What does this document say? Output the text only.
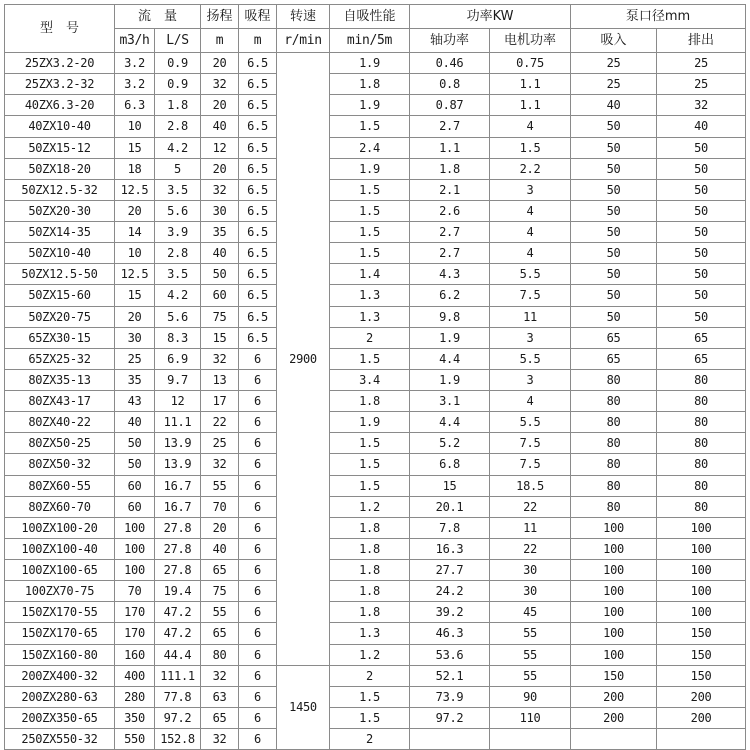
型　号	流　量		扬程	吸程	转速	自吸性能	功率KW		泵口径mm	
	m3/h	L/S	m	m	r/min	min/5m	轴功率	电机功率	吸入	排出
25ZX3.2-20	3.2	0.9	20	6.5	2900	1.9	0.46	0.75	25	25
25ZX3.2-32	3.2	0.9	32	6.5		1.8	0.8	1.1	25	25
40ZX6.3-20	6.3	1.8	20	6.5		1.9	0.87	1.1	40	32
40ZX10-40	10	2.8	40	6.5		1.5	2.7	4	50	40
50ZX15-12	15	4.2	12	6.5		2.4	1.1	1.5	50	50
50ZX18-20	18	5	20	6.5		1.9	1.8	2.2	50	50
50ZX12.5-32	12.5	3.5	32	6.5		1.5	2.1	3	50	50
50ZX20-30	20	5.6	30	6.5		1.5	2.6	4	50	50
50ZX14-35	14	3.9	35	6.5		1.5	2.7	4	50	50
50ZX10-40	10	2.8	40	6.5		1.5	2.7	4	50	50
50ZX12.5-50	12.5	3.5	50	6.5		1.4	4.3	5.5	50	50
50ZX15-60	15	4.2	60	6.5		1.3	6.2	7.5	50	50
50ZX20-75	20	5.6	75	6.5		1.3	9.8	11	50	50
65ZX30-15	30	8.3	15	6.5		2	1.9	3	65	65
65ZX25-32	25	6.9	32	6		1.5	4.4	5.5	65	65
80ZX35-13	35	9.7	13	6		3.4	1.9	3	80	80
80ZX43-17	43	12	17	6		1.8	3.1	4	80	80
80ZX40-22	40	11.1	22	6		1.9	4.4	5.5	80	80
80ZX50-25	50	13.9	25	6		1.5	5.2	7.5	80	80
80ZX50-32	50	13.9	32	6		1.5	6.8	7.5	80	80
80ZX60-55	60	16.7	55	6		1.5	15	18.5	80	80
80ZX60-70	60	16.7	70	6		1.2	20.1	22	80	80
100ZX100-20	100	27.8	20	6		1.8	7.8	11	100	100
100ZX100-40	100	27.8	40	6		1.8	16.3	22	100	100
100ZX100-65	100	27.8	65	6		1.8	27.7	30	100	100
100ZX70-75	70	19.4	75	6		1.8	24.2	30	100	100
150ZX170-55	170	47.2	55	6		1.8	39.2	45	100	100
150ZX170-65	170	47.2	65	6		1.3	46.3	55	100	150
150ZX160-80	160	44.4	80	6		1.2	53.6	55	100	150
200ZX400-32	400	111.1	32	6	1450	2	52.1	55	150	150
200ZX280-63	280	77.8	63	6		1.5	73.9	90	200	200
200ZX350-65	350	97.2	65	6		1.5	97.2	110	200	200
250ZX550-32	550	152.8	32	6		2				
